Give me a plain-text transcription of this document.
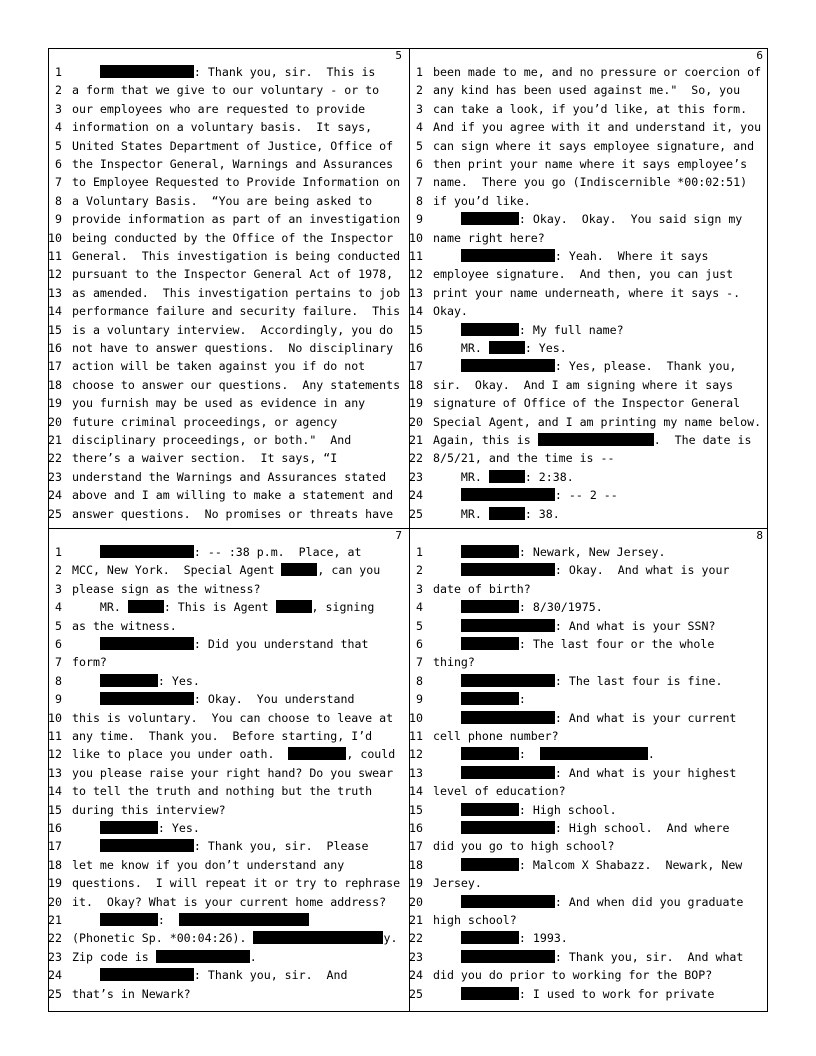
5
1	: Thank you, sir.  This is
2 a form that we give to our voluntary - or to
3 our employees who are requested to provide
4 information on a voluntary basis.  It says,
5 United States Department of Justice, Office of
6 the Inspector General, Warnings and Assurances
7 to Employee Requested to Provide Information on
8 a Voluntary Basis.  “You are being asked to
9 provide information as part of an investigation
10 being conducted by the Office of the Inspector
11 General.  This investigation is being conducted
12 pursuant to the Inspector General Act of 1978,
13 as amended.  This investigation pertains to job
14 performance failure and security failure.  This
15 is a voluntary interview.  Accordingly, you do
16 not have to answer questions.  No disciplinary
17 action will be taken against you if do not
18 choose to answer our questions.  Any statements
19 you furnish may be used as evidence in any
20 future criminal proceedings, or agency
21 disciplinary proceedings, or both."  And
22 there’s a waiver section.  It says, “I
23 understand the Warnings and Assurances stated
24 above and I am willing to make a statement and
25 answer questions.  No promises or threats have
6
1 been made to me, and no pressure or coercion of
2 any kind has been used against me."  So, you
3 can take a look, if you’d like, at this form.
4 And if you agree with it and understand it, you
5 can sign where it says employee signature, and
6 then print your name where it says employee’s
7 name.  There you go (Indiscernible *00:02:51)
8 if you’d like.
9	: Okay.  Okay.  You said sign my
10 name right here?
11	: Yeah.  Where it says
12 employee signature.  And then, you can just
13 print your name underneath, where it says -.
14 Okay.
15	: My full name?
16 MR.	: Yes.
17	: Yes, please.  Thank you,
18 sir.  Okay.  And I am signing where it says
19 signature of Office of the Inspector General
20 Special Agent, and I am printing my name below.
21 Again, this is	.  The date is
22 8/5/21, and the time is --
23 MR.	: 2:38.
24	: -- 2 --
25 MR.	: 38.
7
1	: -- :38 p.m.  Place, at
2 MCC, New York.  Special Agent	, can you
3 please sign as the witness?
4 MR.	: This is Agent	, signing
5 as the witness.
6	: Did you understand that
7 form?
8	: Yes.
9	: Okay.  You understand
10 this is voluntary.  You can choose to leave at
11 any time.  Thank you.  Before starting, I’d
12 like to place you under oath.	, could
13 you please raise your right hand? Do you swear
14 to tell the truth and nothing but the truth
15 during this interview?
16	: Yes.
17	: Thank you, sir.  Please
18 let me know if you don’t understand any
19 questions.  I will repeat it or try to rephrase
20 it.  Okay? What is your current home address?
21	:
22 (Phonetic Sp. *00:04:26).	y.
23 Zip code is	.
24	: Thank you, sir.  And
25 that’s in Newark?
8
1	: Newark, New Jersey.
2	: Okay.  And what is your
3 date of birth?
4	: 8/30/1975.
5	: And what is your SSN?
6	: The last four or the whole
7 thing?
8	: The last four is fine.
9	:
10	: And what is your current
11 cell phone number?
12	:	.
13	: And what is your highest
14 level of education?
15	: High school.
16	: High school.  And where
17 did you go to high school?
18	: Malcom X Shabazz.  Newark, New
19 Jersey.
20	: And when did you graduate
21 high school?
22	: 1993.
23	: Thank you, sir.  And what
24 did you do prior to working for the BOP?
25	: I used to work for private
